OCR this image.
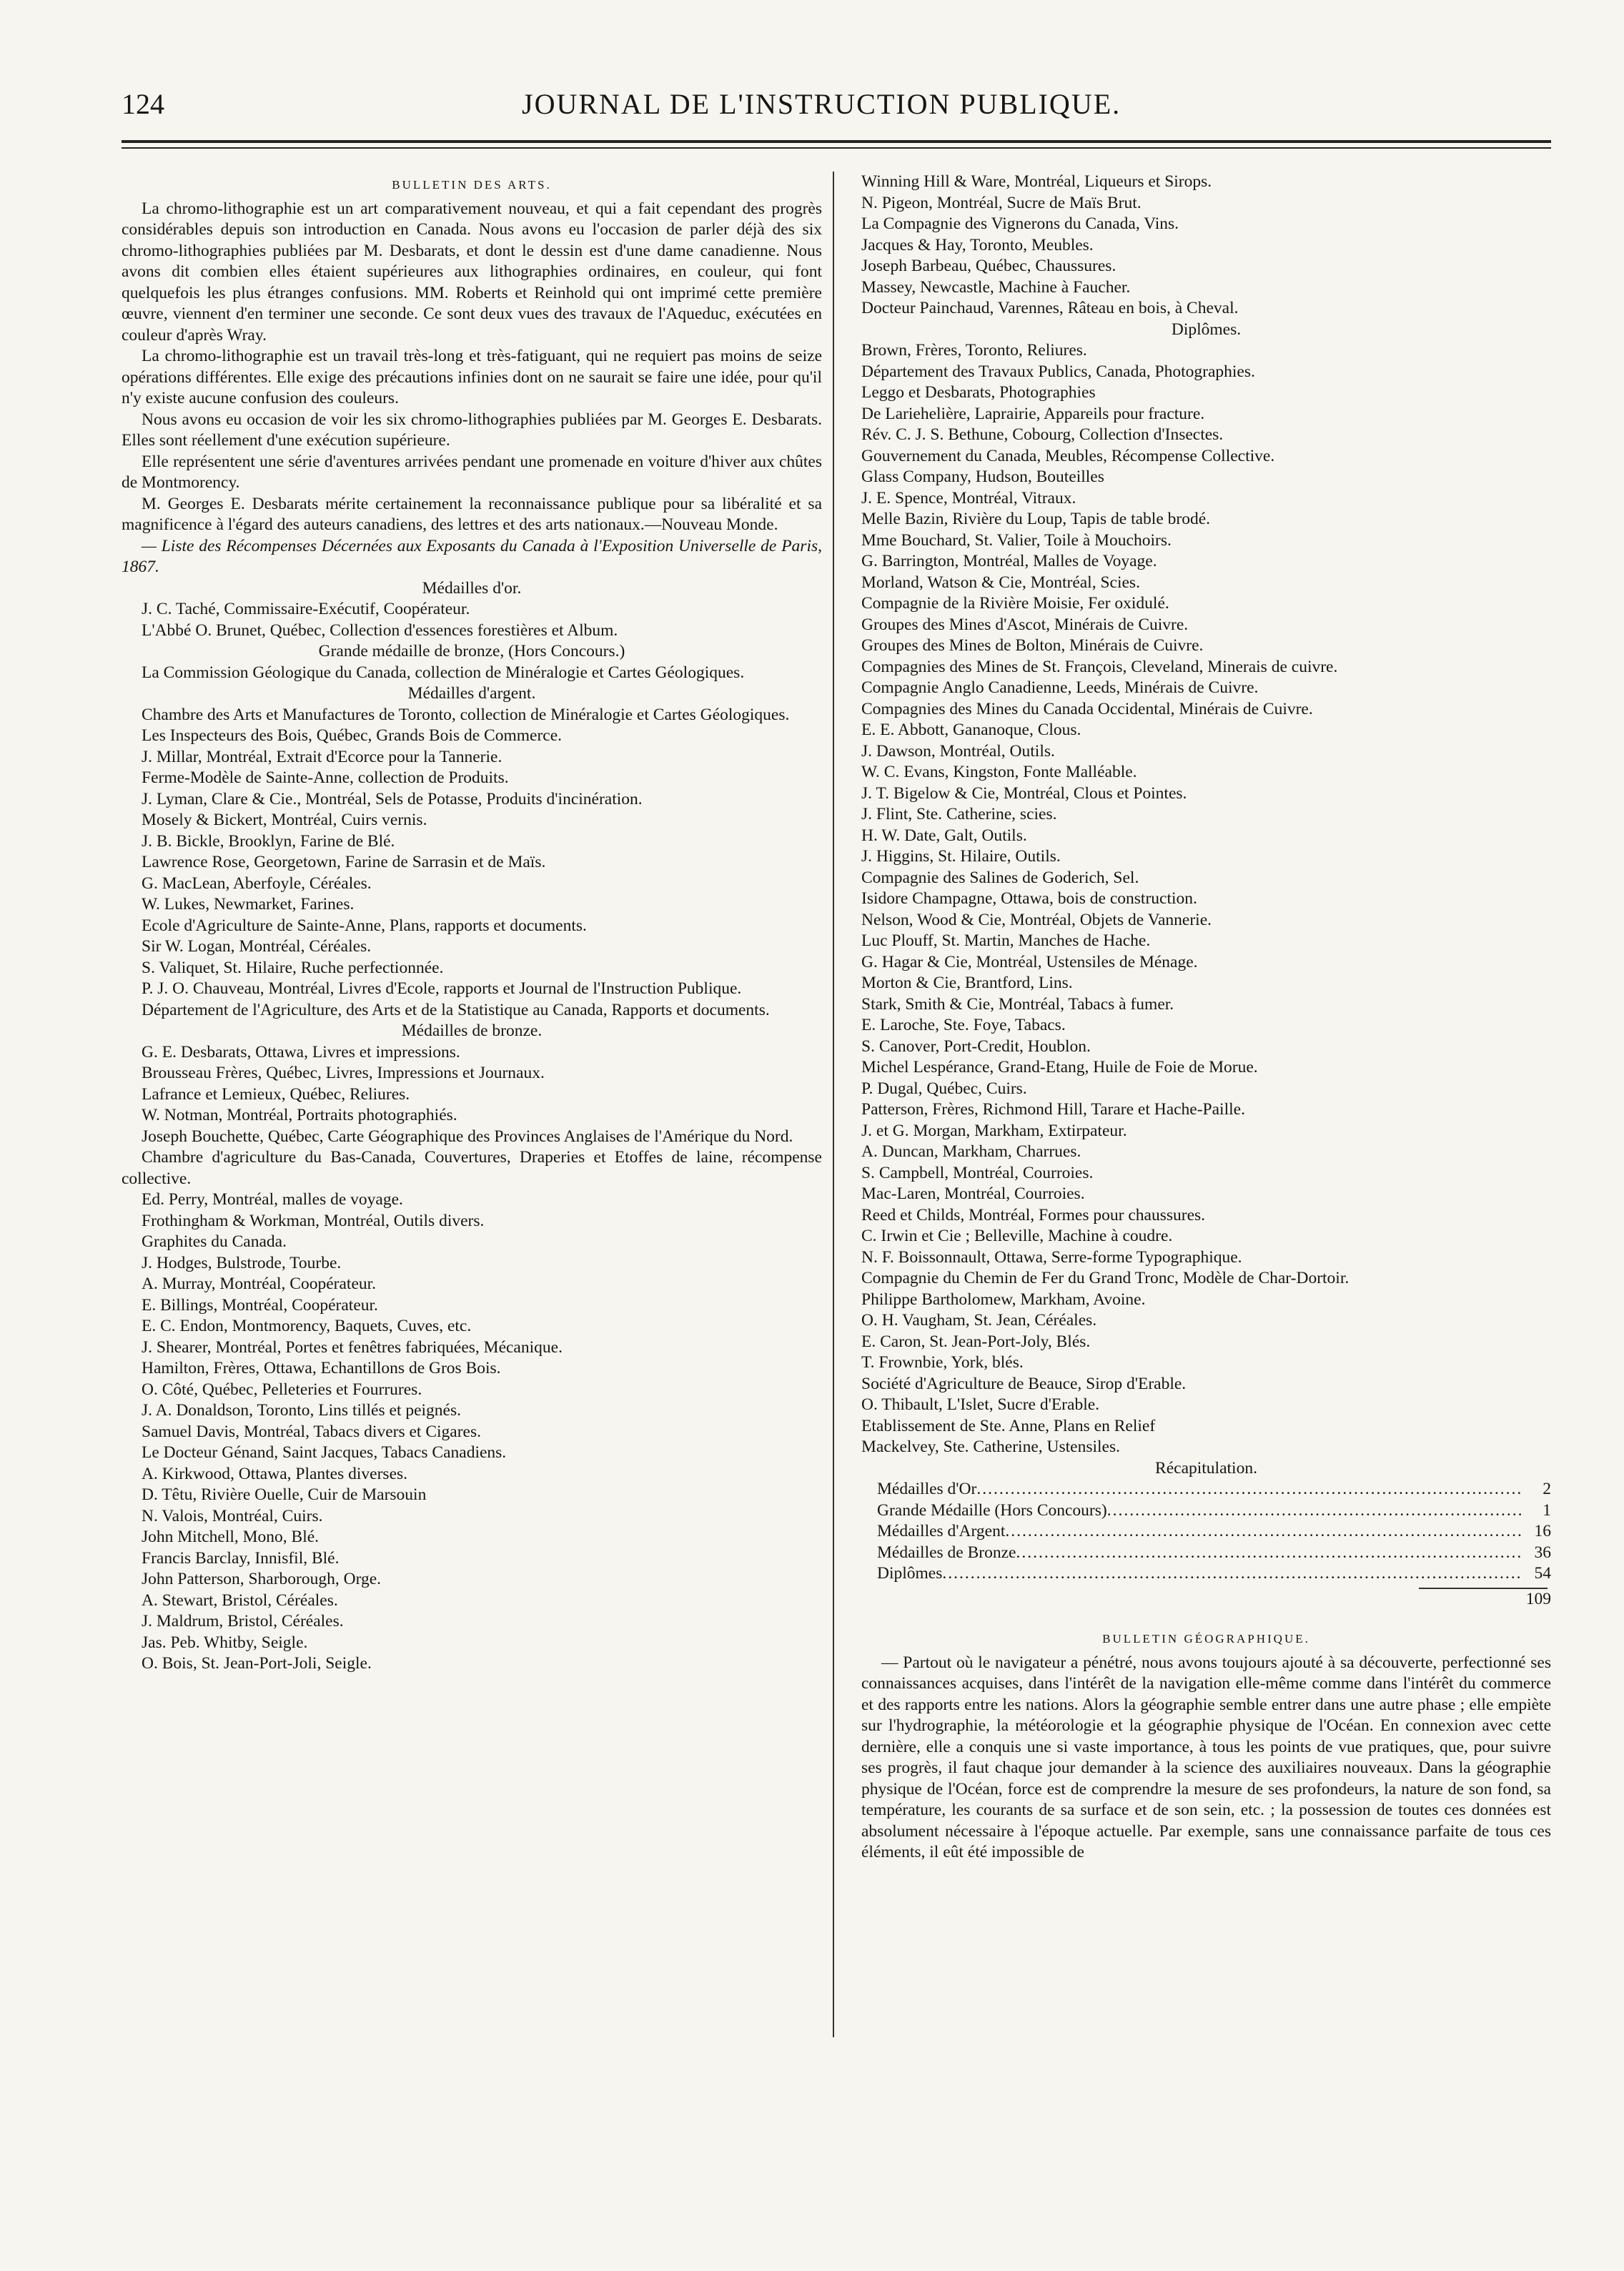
124	JOURNAL DE L'INSTRUCTION PUBLIQUE.
BULLETIN DES ARTS.
La chromo-lithographie est un art comparativement nouveau, et qui a fait cependant des progrès considérables depuis son introduction en Canada. Nous avons eu l'occasion de parler déjà des six chromo-lithographies publiées par M. Desbarats, et dont le dessin est d'une dame canadienne. Nous avons dit combien elles étaient supérieures aux lithographies ordinaires, en couleur, qui font quelquefois les plus étranges confusions. MM. Roberts et Reinhold qui ont imprimé cette première œuvre, viennent d'en terminer une seconde. Ce sont deux vues des travaux de l'Aqueduc, exécutées en couleur d'après Wray.
La chromo-lithographie est un travail très-long et très-fatiguant, qui ne requiert pas moins de seize opérations différentes. Elle exige des précautions infinies dont on ne saurait se faire une idée, pour qu'il n'y existe aucune confusion des couleurs.
Nous avons eu occasion de voir les six chromo-lithographies publiées par M. Georges E. Desbarats. Elles sont réellement d'une exécution supérieure.
Elle représentent une série d'aventures arrivées pendant une promenade en voiture d'hiver aux chûtes de Montmorency.
M. Georges E. Desbarats mérite certainement la reconnaissance publique pour sa libéralité et sa magnificence à l'égard des auteurs canadiens, des lettres et des arts nationaux.—Nouveau Monde.
— Liste des Récompenses Décernées aux Exposants du Canada à l'Exposition Universelle de Paris, 1867.
Médailles d'or.
J. C. Taché, Commissaire-Exécutif, Coopérateur.
L'Abbé O. Brunet, Québec, Collection d'essences forestières et Album.
Grande médaille de bronze, (Hors Concours.)
La Commission Géologique du Canada, collection de Minéralogie et Cartes Géologiques.
Médailles d'argent.
Chambre des Arts et Manufactures de Toronto, collection de Minéralogie et Cartes Géologiques.
Les Inspecteurs des Bois, Québec, Grands Bois de Commerce.
J. Millar, Montréal, Extrait d'Ecorce pour la Tannerie.
Ferme-Modèle de Sainte-Anne, collection de Produits.
J. Lyman, Clare & Cie., Montréal, Sels de Potasse, Produits d'incinération.
Mosely & Bickert, Montréal, Cuirs vernis.
J. B. Bickle, Brooklyn, Farine de Blé.
Lawrence Rose, Georgetown, Farine de Sarrasin et de Maïs.
G. MacLean, Aberfoyle, Céréales.
W. Lukes, Newmarket, Farines.
Ecole d'Agriculture de Sainte-Anne, Plans, rapports et documents.
Sir W. Logan, Montréal, Céréales.
S. Valiquet, St. Hilaire, Ruche perfectionnée.
P. J. O. Chauveau, Montréal, Livres d'Ecole, rapports et Journal de l'Instruction Publique.
Département de l'Agriculture, des Arts et de la Statistique au Canada, Rapports et documents.
Médailles de bronze.
G. E. Desbarats, Ottawa, Livres et impressions.
Brousseau Frères, Québec, Livres, Impressions et Journaux.
Lafrance et Lemieux, Québec, Reliures.
W. Notman, Montréal, Portraits photographiés.
Joseph Bouchette, Québec, Carte Géographique des Provinces Anglaises de l'Amérique du Nord.
Chambre d'agriculture du Bas-Canada, Couvertures, Draperies et Etoffes de laine, récompense collective.
Ed. Perry, Montréal, malles de voyage.
Frothingham & Workman, Montréal, Outils divers.
Graphites du Canada.
J. Hodges, Bulstrode, Tourbe.
A. Murray, Montréal, Coopérateur.
E. Billings, Montréal, Coopérateur.
E. C. Endon, Montmorency, Baquets, Cuves, etc.
J. Shearer, Montréal, Portes et fenêtres fabriquées, Mécanique.
Hamilton, Frères, Ottawa, Echantillons de Gros Bois.
O. Côté, Québec, Pelleteries et Fourrures.
J. A. Donaldson, Toronto, Lins tillés et peignés.
Samuel Davis, Montréal, Tabacs divers et Cigares.
Le Docteur Génand, Saint Jacques, Tabacs Canadiens.
A. Kirkwood, Ottawa, Plantes diverses.
D. Têtu, Rivière Ouelle, Cuir de Marsouin
N. Valois, Montréal, Cuirs.
John Mitchell, Mono, Blé.
Francis Barclay, Innisfil, Blé.
John Patterson, Sharborough, Orge.
A. Stewart, Bristol, Céréales.
J. Maldrum, Bristol, Céréales.
Jas. Peb. Whitby, Seigle.
O. Bois, St. Jean-Port-Joli, Seigle.
Winning Hill & Ware, Montréal, Liqueurs et Sirops.
N. Pigeon, Montréal, Sucre de Maïs Brut.
La Compagnie des Vignerons du Canada, Vins.
Jacques & Hay, Toronto, Meubles.
Joseph Barbeau, Québec, Chaussures.
Massey, Newcastle, Machine à Faucher.
Docteur Painchaud, Varennes, Râteau en bois, à Cheval.
Diplômes.
Brown, Frères, Toronto, Reliures.
Département des Travaux Publics, Canada, Photographies.
Leggo et Desbarats, Photographies
De Lariehelière, Laprairie, Appareils pour fracture.
Rév. C. J. S. Bethune, Cobourg, Collection d'Insectes.
Gouvernement du Canada, Meubles, Récompense Collective.
Glass Company, Hudson, Bouteilles
J. E. Spence, Montréal, Vitraux.
Melle Bazin, Rivière du Loup, Tapis de table brodé.
Mme Bouchard, St. Valier, Toile à Mouchoirs.
G. Barrington, Montréal, Malles de Voyage.
Morland, Watson & Cie, Montréal, Scies.
Compagnie de la Rivière Moisie, Fer oxidulé.
Groupes des Mines d'Ascot, Minérais de Cuivre.
Groupes des Mines de Bolton, Minérais de Cuivre.
Compagnies des Mines de St. François, Cleveland, Minerais de cuivre.
Compagnie Anglo Canadienne, Leeds, Minérais de Cuivre.
Compagnies des Mines du Canada Occidental, Minérais de Cuivre.
E. E. Abbott, Gananoque, Clous.
J. Dawson, Montréal, Outils.
W. C. Evans, Kingston, Fonte Malléable.
J. T. Bigelow & Cie, Montréal, Clous et Pointes.
J. Flint, Ste. Catherine, scies.
H. W. Date, Galt, Outils.
J. Higgins, St. Hilaire, Outils.
Compagnie des Salines de Goderich, Sel.
Isidore Champagne, Ottawa, bois de construction.
Nelson, Wood & Cie, Montréal, Objets de Vannerie.
Luc Plouff, St. Martin, Manches de Hache.
G. Hagar & Cie, Montréal, Ustensiles de Ménage.
Morton & Cie, Brantford, Lins.
Stark, Smith & Cie, Montréal, Tabacs à fumer.
E. Laroche, Ste. Foye, Tabacs.
S. Canover, Port-Credit, Houblon.
Michel Lespérance, Grand-Etang, Huile de Foie de Morue.
P. Dugal, Québec, Cuirs.
Patterson, Frères, Richmond Hill, Tarare et Hache-Paille.
J. et G. Morgan, Markham, Extirpateur.
A. Duncan, Markham, Charrues.
S. Campbell, Montréal, Courroies.
Mac-Laren, Montréal, Courroies.
Reed et Childs, Montréal, Formes pour chaussures.
C. Irwin et Cie ; Belleville, Machine à coudre.
N. F. Boissonnault, Ottawa, Serre-forme Typographique.
Compagnie du Chemin de Fer du Grand Tronc, Modèle de Char-Dortoir.
Philippe Bartholomew, Markham, Avoine.
O. H. Vaugham, St. Jean, Céréales.
E. Caron, St. Jean-Port-Joly, Blés.
T. Frownbie, York, blés.
Société d'Agriculture de Beauce, Sirop d'Erable.
O. Thibault, L'Islet, Sucre d'Erable.
Etablissement de Ste. Anne, Plans en Relief
Mackelvey, Ste. Catherine, Ustensiles.
Récapitulation.
Médailles d'Or .....	2
Grande Médaille (Hors Concours) .....	1
Médailles d'Argent .....	16
Médailles de Bronze .....	36
Diplômes .....	54
109
BULLETIN GÉOGRAPHIQUE.
— Partout où le navigateur a pénétré, nous avons toujours ajouté à sa découverte, perfectionné ses connaissances acquises, dans l'intérêt de la navigation elle-même comme dans l'intérêt du commerce et des rapports entre les nations. Alors la géographie semble entrer dans une autre phase ; elle empiète sur l'hydrographie, la météorologie et la géographie physique de l'Océan. En connexion avec cette dernière, elle a conquis une si vaste importance, à tous les points de vue pratiques, que, pour suivre ses progrès, il faut chaque jour demander à la science des auxiliaires nouveaux. Dans la géographie physique de l'Océan, force est de comprendre la mesure de ses profondeurs, la nature de son fond, sa température, les courants de sa surface et de son sein, etc. ; la possession de toutes ces données est absolument nécessaire à l'époque actuelle. Par exemple, sans une connaissance parfaite de tous ces éléments, il eût été impossible de
